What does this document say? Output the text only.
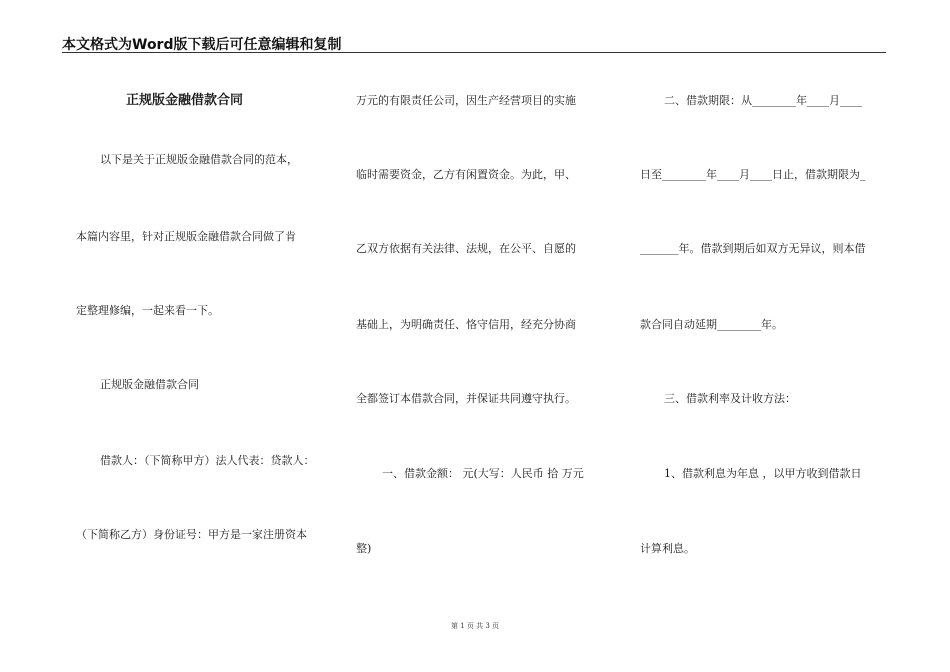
本文格式为Word版下载后可任意编辑和复制
正规版金融借款合同
以下是关于正规版金融借款合同的范本，
本篇内容里，针对正规版金融借款合同做了肯
定整理修编，一起来看一下。
正规版金融借款合同
借款人：（下简称甲方）法人代表：贷款人：
（下简称乙方）身份证号：甲方是一家注册资本
万元的有限责任公司，因生产经营项目的实施
临时需要资金，乙方有闲置资金。为此，甲、
乙双方依据有关法律、法规，在公平、自愿的
基础上，为明确责任、恪守信用，经充分协商
全都签订本借款合同，并保证共同遵守执行。
一、借款金额： 元(大写：人民币 拾 万元
整)
二、借款期限：从________年____月____
日至________年____月____日止，借款期限为_
_______年。借款到期后如双方无异议，则本借
款合同自动延期________年。
三、借款利率及计收方法：
1、借款利息为年息 ，以甲方收到借款日
计算利息。
第 1 页 共 3 页
